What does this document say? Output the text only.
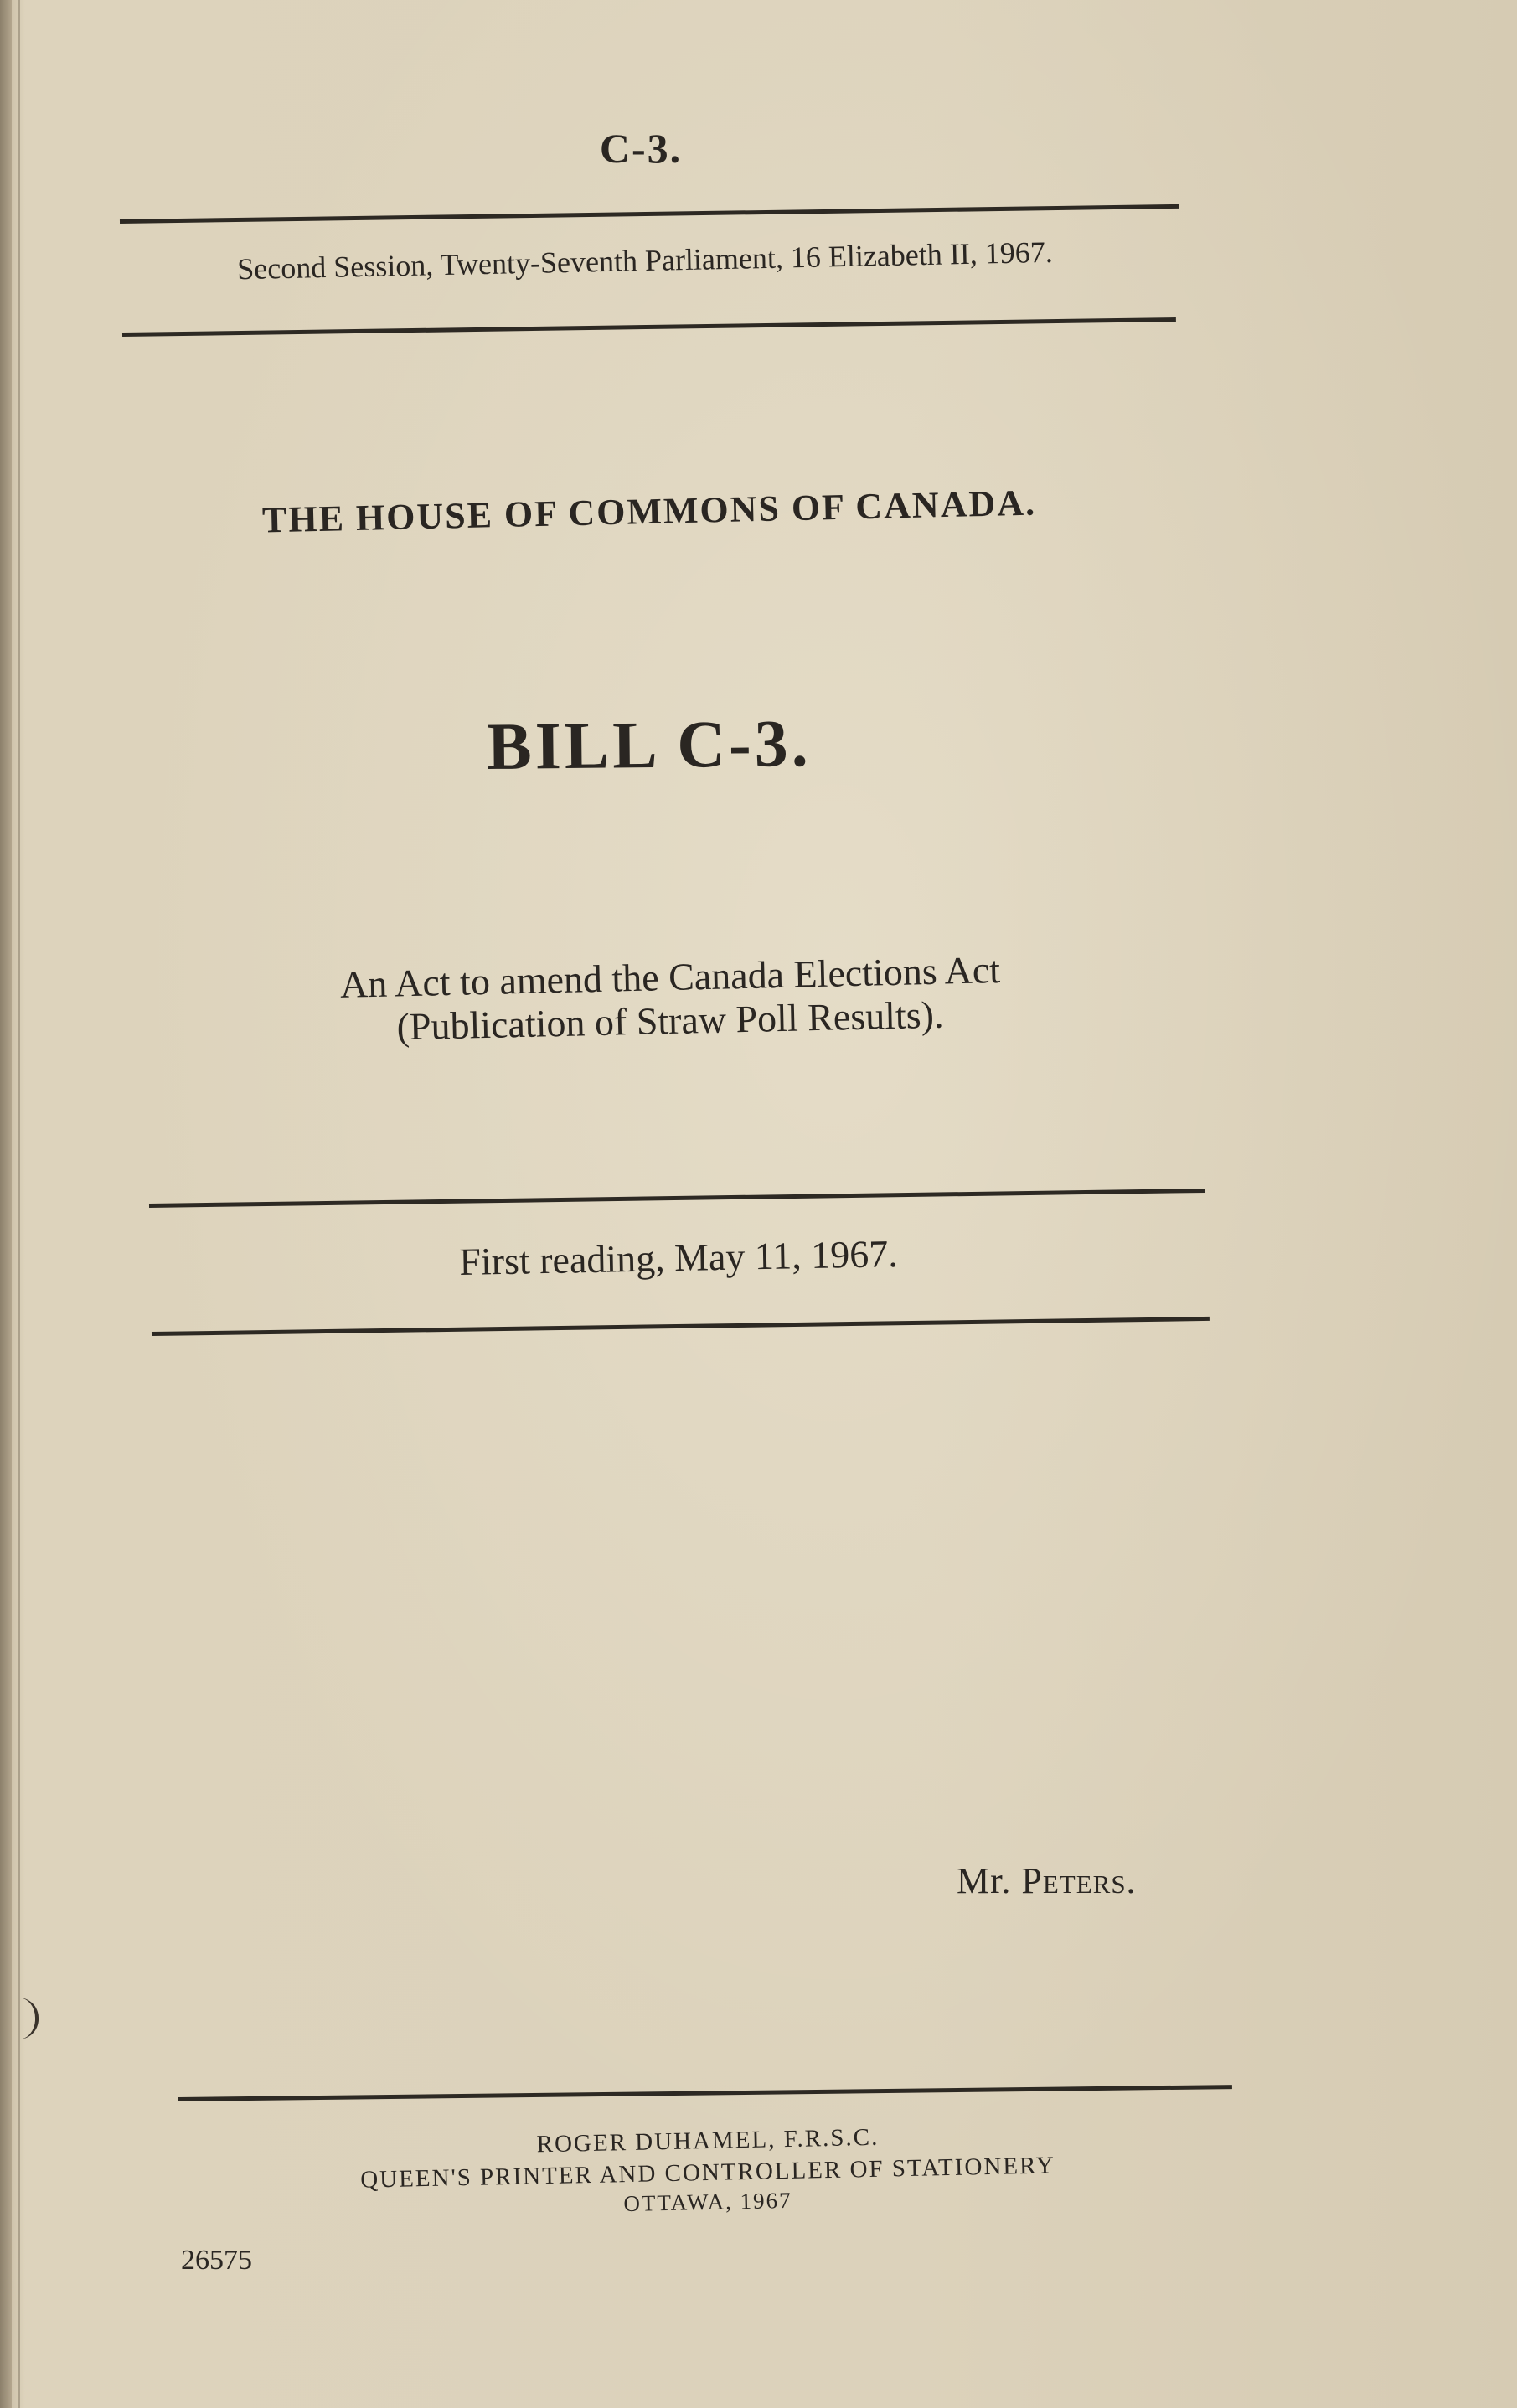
C-3.
Second Session, Twenty-Seventh Parliament, 16 Elizabeth II, 1967.
THE HOUSE OF COMMONS OF CANADA.
BILL C-3.
An Act to amend the Canada Elections Act
(Publication of Straw Poll Results).
First reading, May 11, 1967.
Mr. Peters.
ROGER DUHAMEL, F.R.S.C.
QUEEN'S PRINTER AND CONTROLLER OF STATIONERY
OTTAWA, 1967
26575
